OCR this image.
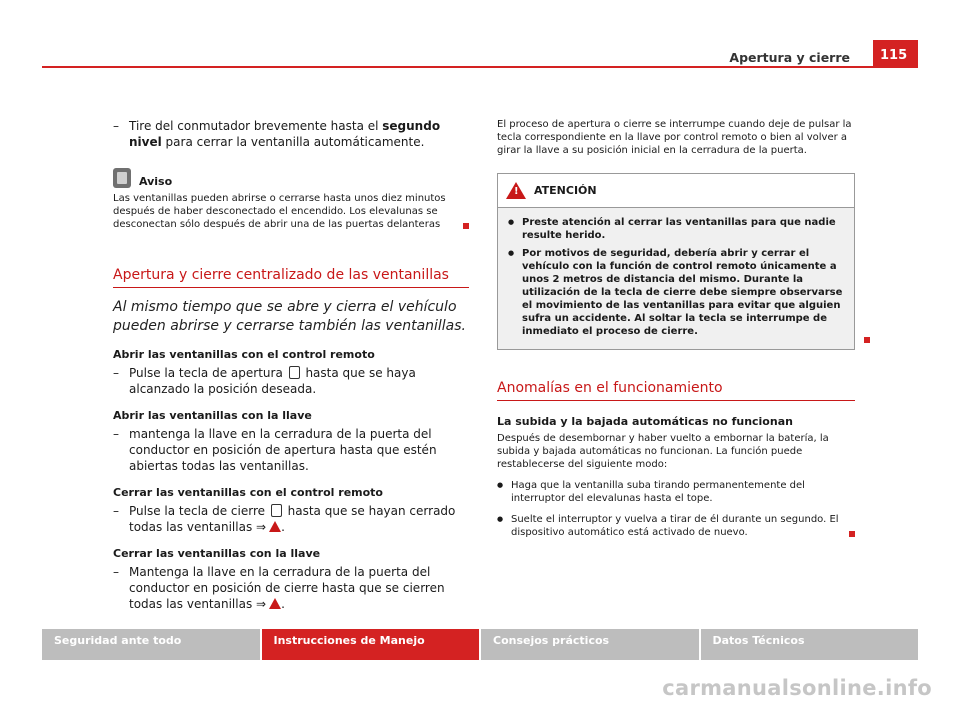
Apertura y cierre	115
– Tire del conmutador brevemente hasta el segundo nivel para cerrar la ventanilla automáticamente.
Aviso
Las ventanillas pueden abrirse o cerrarse hasta unos diez minutos después de haber desconectado el encendido. Los elevalunas se desconectan sólo después de abrir una de las puertas delanteras
Apertura y cierre centralizado de las ventanillas
Al mismo tiempo que se abre y cierra el vehículo pueden abrirse y cerrarse también las ventanillas.
Abrir las ventanillas con el control remoto
– Pulse la tecla de apertura  hasta que se haya alcanzado la posición deseada.
Abrir las ventanillas con la llave
– mantenga la llave en la cerradura de la puerta del conductor en posición de apertura hasta que estén abiertas todas las ventanillas.
Cerrar las ventanillas con el control remoto
– Pulse la tecla de cierre  hasta que se hayan cerrado todas las ventanillas ⇒ .
Cerrar las ventanillas con la llave
– Mantenga la llave en la cerradura de la puerta del conductor en posición de cierre hasta que se cierren todas las ventanillas ⇒ .
El proceso de apertura o cierre se interrumpe cuando deje de pulsar la tecla correspondiente en la llave por control remoto o bien al volver a girar la llave a su posición inicial en la cerradura de la puerta.
!
ATENCIÓN
● Preste atención al cerrar las ventanillas para que nadie resulte herido.
● Por motivos de seguridad, debería abrir y cerrar el vehículo con la función de control remoto únicamente a unos 2 metros de distancia del mismo. Durante la utilización de la tecla de cierre debe siempre observarse el movimiento de las ventanillas para evitar que alguien sufra un accidente. Al soltar la tecla se interrumpe de inmediato el proceso de cierre.
Anomalías en el funcionamiento
La subida y la bajada automáticas no funcionan
Después de desembornar y haber vuelto a embornar la batería, la subida y bajada automáticas no funcionan. La función puede restablecerse del siguiente modo:
● Haga que la ventanilla suba tirando permanentemente del interruptor del elevalunas hasta el tope.
● Suelte el interruptor y vuelva a tirar de él durante un segundo. El dispositivo automático está activado de nuevo.
Seguridad ante todo	Instrucciones de Manejo	Consejos prácticos	Datos Técnicos
carmanualsonline.info
